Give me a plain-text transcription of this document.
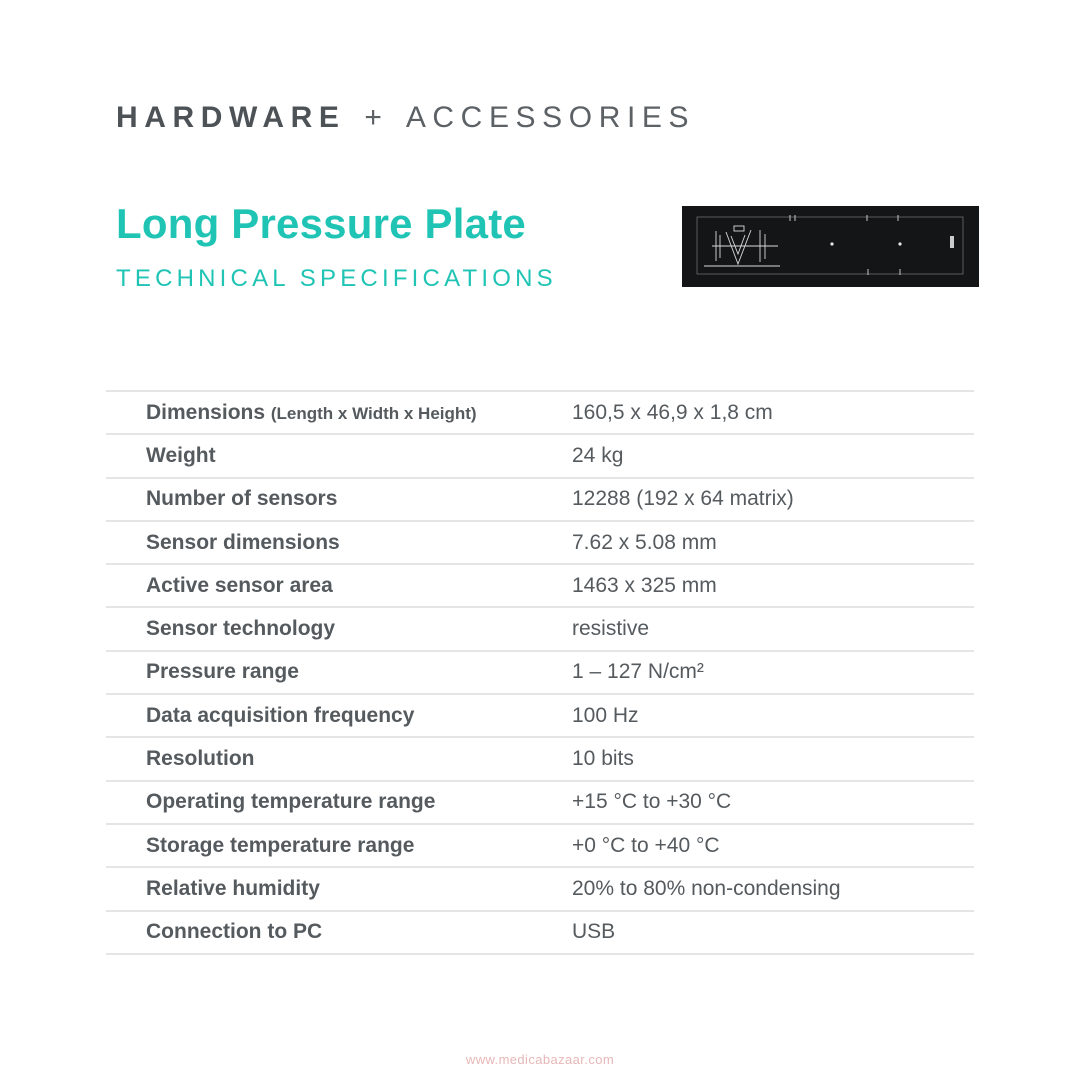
HARDWARE + ACCESSORIES
Long Pressure Plate
TECHNICAL SPECIFICATIONS
Dimensions (Length x Width x Height)	160,5 x 46,9 x 1,8 cm
Weight	24 kg
Number of sensors	12288 (192 x 64 matrix)
Sensor dimensions	7.62 x 5.08 mm
Active sensor area	1463 x 325 mm
Sensor technology	resistive
Pressure range	1 – 127 N/cm²
Data acquisition frequency	100 Hz
Resolution	10 bits
Operating temperature range	+15 °C to +30 °C
Storage temperature range	+0 °C to +40 °C
Relative humidity	20% to 80% non-condensing
Connection to PC	USB
www.medicabazaar.com
